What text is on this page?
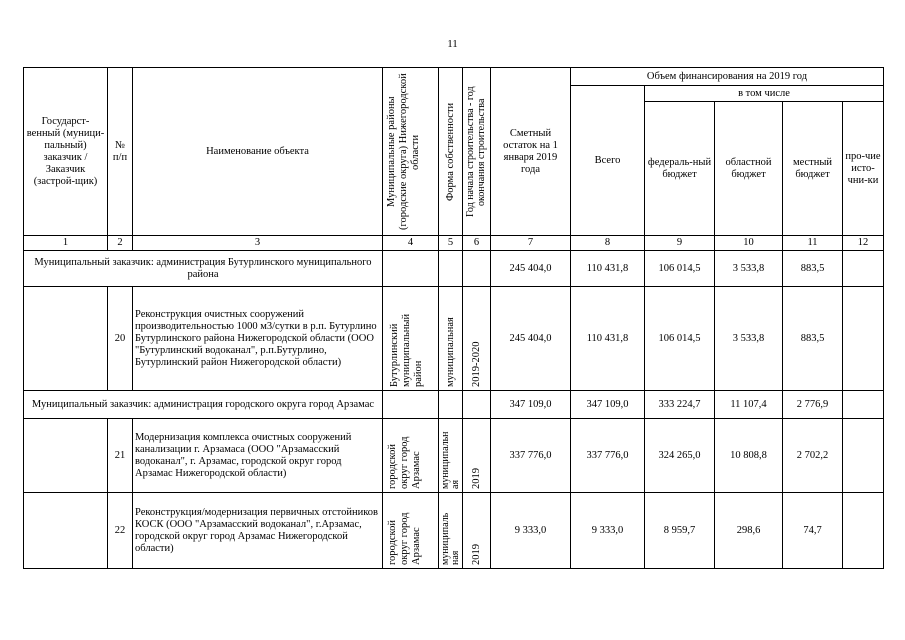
11
Государст-венный (муници-пальный) заказчик / Заказчик (застрой-щик)	№ п/п	Наименование объекта	Муниципальные районы (городские округа) Нижегородской области	Форма собственности	Год начала строительства - год окончания строительства	Сметный остаток на 1 января 2019 года	Объем финансирования на 2019 год				
							Всего	в том числе			
								федераль-ный бюджет	областной бюджет	местный бюджет	про-чие исто-чни-ки
1	2	3	4	5	6	7	8	9	10	11	12
Муниципальный заказчик: администрация Бутурлинского муниципального района						245 404,0	110 431,8	106 014,5	3 533,8	883,5	
	20	Реконструкция очистных сооружений производительностью 1000 м3/сутки в р.п. Бутурлино Бутурлинского района Нижегородской области (ООО "Бутурлинский водоканал", р.п.Бутурлино, Бутурлинский район Нижегородской области)	Бутурлинский муниципальный район	муниципальная	2019-2020	245 404,0	110 431,8	106 014,5	3 533,8	883,5	
Муниципальный заказчик: администрация городского округа город Арзамас						347 109,0	347 109,0	333 224,7	11 107,4	2 776,9	
	21	Модернизация комплекса очистных сооружений канализации г. Арзамаса (ООО "Арзамасский водоканал", г. Арзамас, городской округ город Арзамас Нижегородской области)	городской округ город Арзамас	муниципальн ая	2019	337 776,0	337 776,0	324 265,0	10 808,8	2 702,2	
	22	Реконструкция/модернизация первичных отстойников КОСК (ООО "Арзамасский водоканал", г.Арзамас, городской округ город Арзамас Нижегородской области)	городской округ город Арзамас	муниципаль ная	2019	9 333,0	9 333,0	8 959,7	298,6	74,7	
